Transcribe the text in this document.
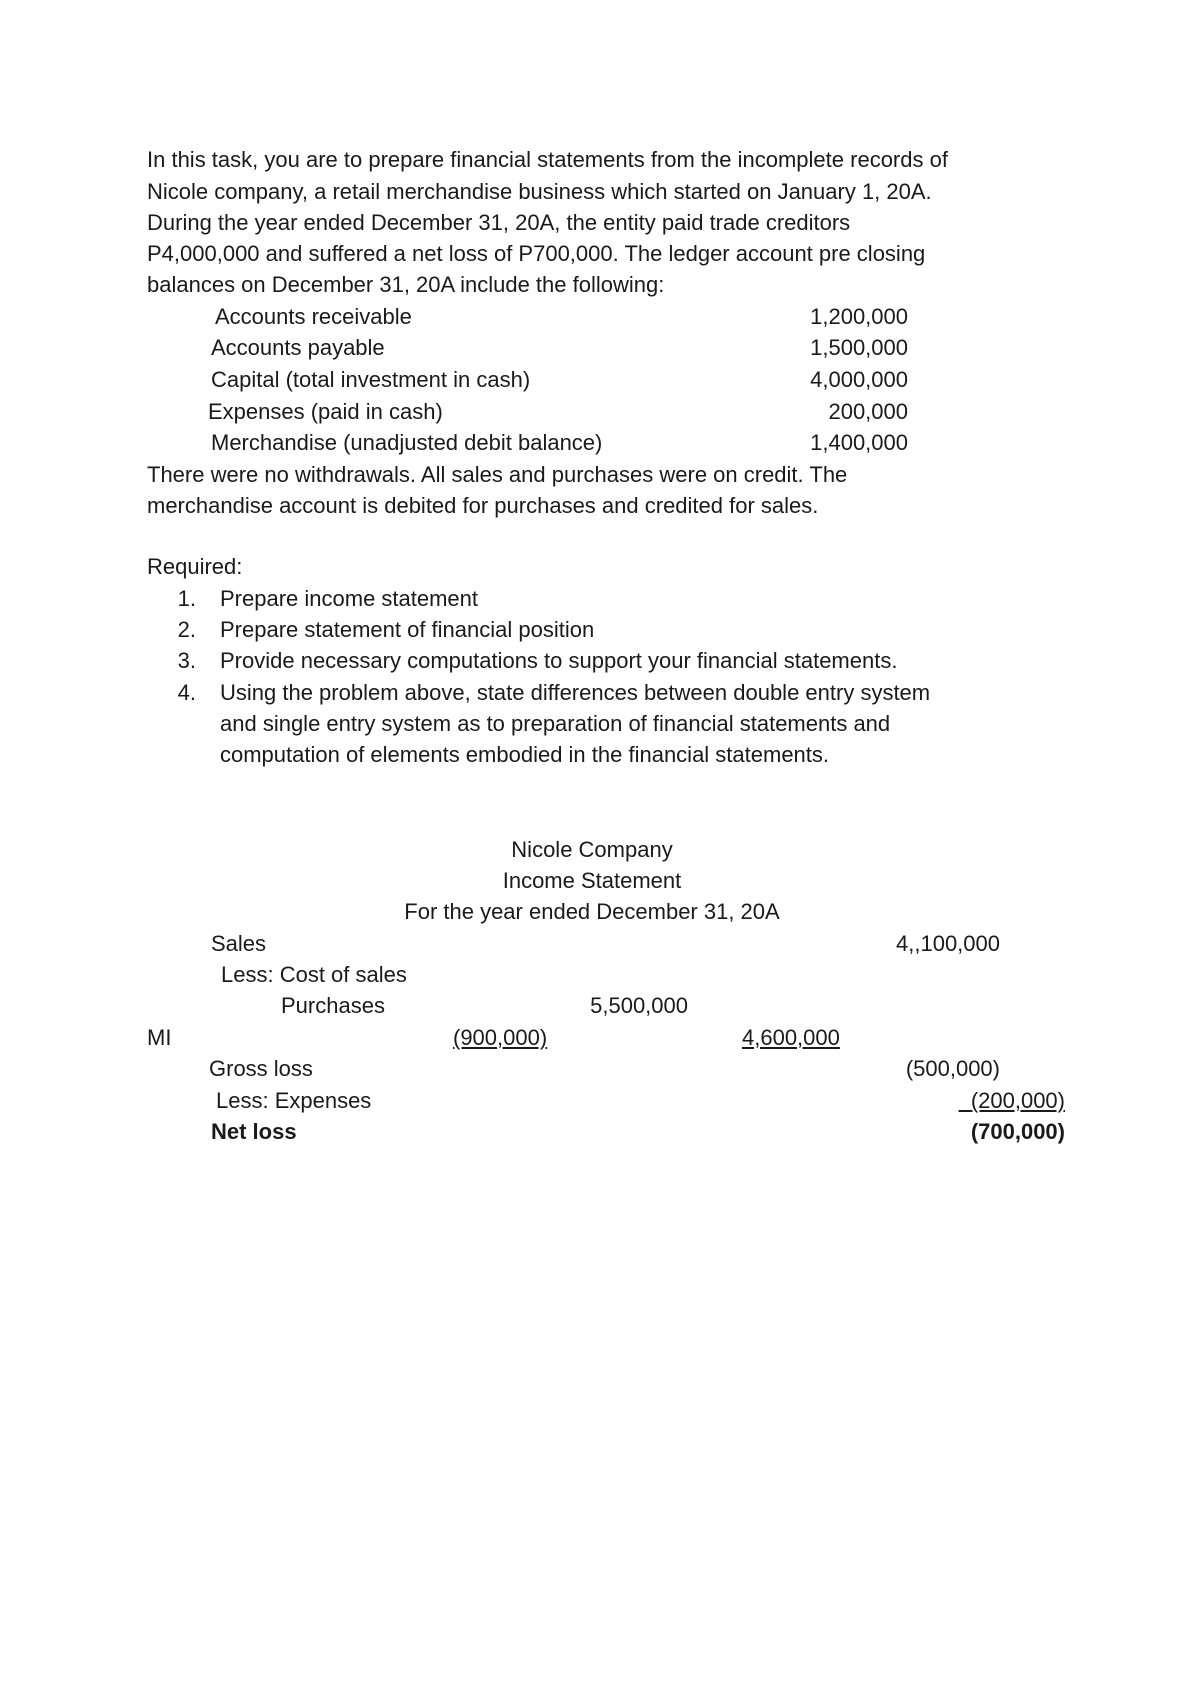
In this task, you are to prepare financial statements from the incomplete records of
Nicole company, a retail merchandise business which started on January 1, 20A.
During the year ended December 31, 20A, the entity paid trade creditors
P4,000,000 and suffered a net loss of P700,000. The ledger account pre closing
balances on December 31, 20A include the following:
Accounts receivable	1,200,000
Accounts payable	1,500,000
Capital (total investment in cash)	4,000,000
Expenses (paid in cash)	200,000
Merchandise (unadjusted debit balance)	1,400,000
There were no withdrawals. All sales and purchases were on credit. The
merchandise account is debited for purchases and credited for sales.
Required:
1. Prepare income statement
2. Prepare statement of financial position
3. Provide necessary computations to support your financial statements.
4. Using the problem above, state differences between double entry system
and single entry system as to preparation of financial statements and
computation of elements embodied in the financial statements.
Nicole Company
Income Statement
For the year ended December 31, 20A
Sales	4,,100,000
Less: Cost of sales
Purchases	5,500,000
MI	(900,000)	4,600,000
Gross loss	(500,000)
Less: Expenses	(200,000)
Net loss	(700,000)
